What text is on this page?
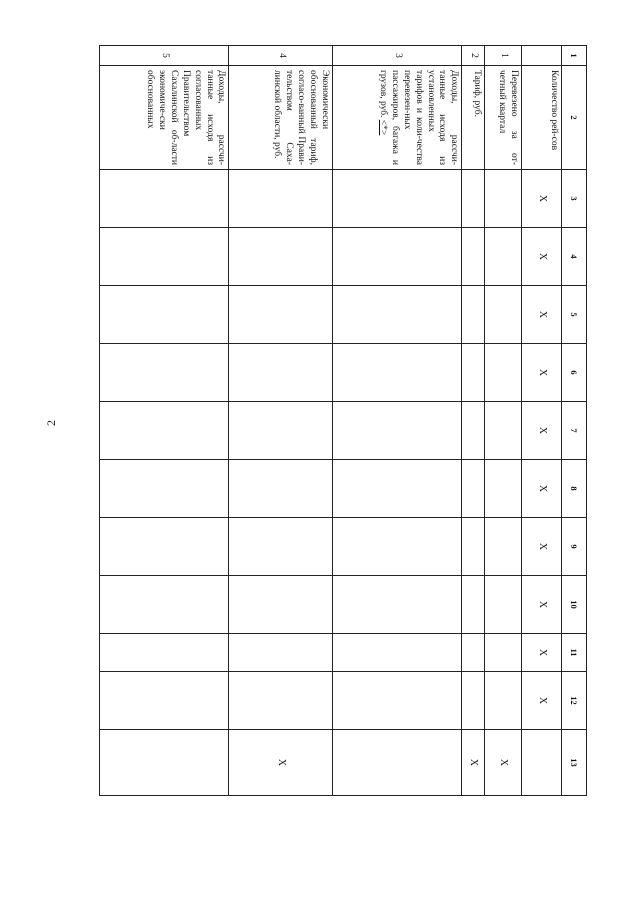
2
1	2	3	4	5	6	7	8	9	10	11	12	13
	Количество рей-сов	Х	Х	Х	Х	Х	Х	Х	Х	Х	Х	
1	Перевезено за от-четный квартал											Х
2	Тариф, руб.											Х
3	Доходы, рассчи-танные исходя из установленных тарифов и коли-чества перевезен-ных пассажиров, багажа и грузов, руб. <*>											
4	Экономически обоснованный тариф, согласо-ванный Прави-тельством Саха-линской области, руб.											Х
5	Доходы, рассчи-танные исходя из согласованных Правительством Сахалинской об-ласти экономиче-ски обоснованных											
